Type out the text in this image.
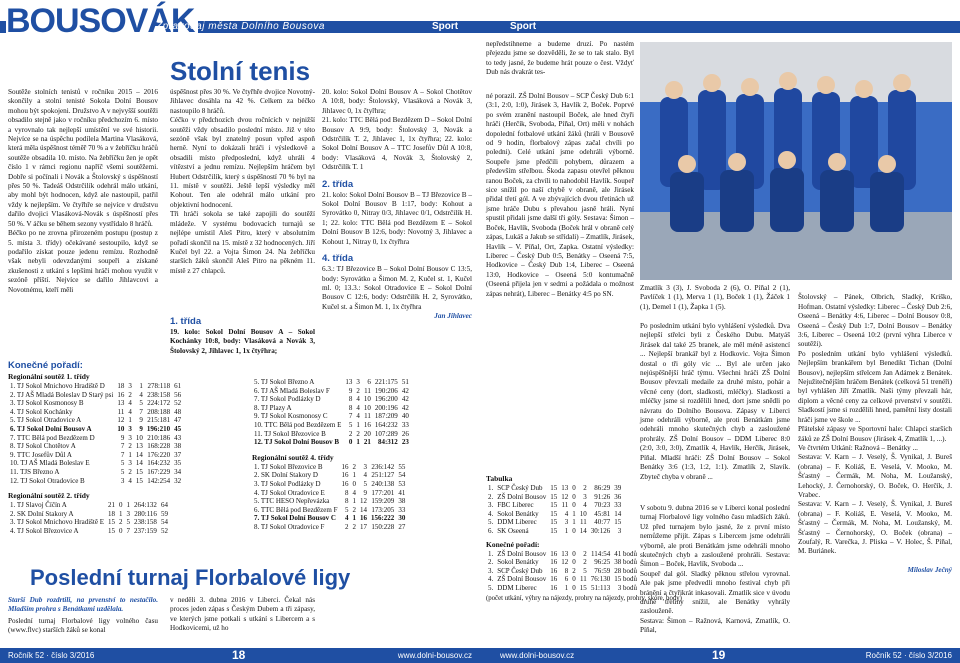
BOUSOVÁK
Zpravodaj města Dolního Bousova	Sport
Stolní tenis
Soutěže stolních tenistů v ročníku 2015 – 2016 skončily a stolní tenisté Sokola Dolní Bousov mohou být spokojeni. Družstvo A v nejvyšší soutěži obsadilo stejně jako v ročníku předchozím 6. místo a vyrovnalo tak nejlepší umístění ve své historii. Nejvíce se na úspěchu podílela Martina Vlasáková, která měla úspěšnost téměř 70 % a v žebříčku hráčů soutěže obsadila 10. místo. Na žebříčku žen je opět číslo 1 v rámci regionu napříč všemi soutěžemi. Dobře si počínali i Novák a Štolovský s úspěšností přes 50 %. Tadeáš Odstrčilík odehrál málo utkání, aby mohl být hodnocen, když ale nastoupil, patřil vždy k nejlepším. Ve čtyřhře se nejvíce v družstvu dařilo dvojici Vlasáková-Novák s úspěšností přes 50 %. V áčku se během sezony vystřídalo 8 hráčů.
Béčko po ne zrovna přirozeném postupu (postup z 5. místa 3. třídy) očekávané sestoupilo, když se podařilo získat pouze jedenu remízu. Rozhodně však nebyli odevzdanými soupeři a získané zkušenosti z utkání s lepšími hráči mohou využít v sezóně příští. Nejvíce se dařilo Jihlavcovi a Novotnému, kteří měli
Konečné pořadí:
úspěšnost přes 30 %. Ve čtyřhře dvojice Novotný-Jihlavec dosáhla na 42 %. Celkem za béčko nastoupilo 8 hráčů.
Céčko v předchozích dvou ročnících v nejnižší soutěži vždy obsadilo poslední místo. Již v této sezóně však byl znatelný posun vpřed aspoň herně. Nyní to dokázali hráči i výsledkově a obsadili místo předposlední, když uhráli 4 vítězství a jednu remízu. Nejlepším hráčem byl Hubert Odstrčilík, který s úspěšností 70 % byl na 11. místě v soutěži. Ještě lepší výsledky měl Kohout. Ten ale odehrál málo utkání pro objektivní hodnocení.
Tři hráči sokola se také zapojili do soutěží mládeže. V systému bodovacích turnajů se nejlépe umístil Aleš Pitro, který v absolutním pořadí skončil na 15. místě z 32 hodnocených. Jiří Kučel byl 22. a Vojta Šimon 24. Na žebříčku starších žáků skončil Aleš Pitro na pěkném 11. místě z 27 chlapců.
1. třída

19. kolo: Sokol Dolní Bousov A – Sokol Kochánky 10:8, body: Vlasáková a Novák 3, Štolovský 2, Jihlavec 1, 1x čtyřhra;

20. kolo: Sokol Dolní Bousov A – Sokol Chotětov A 10:8, body: Štolovský, Vlasáková a Novák 3, Jihlavec 0, 1x čtyřhra;
21. kolo: TTC Bělá pod Bezdězem D – Sokol Dolní Bousov A 9:9, body: Štolovský 3, Novák a Odstrčilík T. 2, Jihlavec 1, 1x čtyřhra; 22. kolo: Sokol Dolní Bousov A – TTC Josefův Důl A 10:8, body: Vlasáková 4, Novák 3, Štolovský 2, Odstrčilík T. 1

2. třída

21. kolo: Sokol Dolní Bousov B – TJ Březovice B – Sokol Dolní Bousov B 1:17, body: Kohout a Syrovátko 0, Nitray 0/3, Jihlavec 0/1, Odstrčilík H. 1; 22. kolo: TTC Bělá pod Bezdězem E – Sokol Dolní Bousov B 12:6, body: Novotný 3, Jihlavec a Kohout 1, Nitray 0, 1x čtyřhra

4. třída

6.3.: TJ Březovice B – Sokol Dolní Bousov C 13:5, body: Syrovátko a Šimon M. 2, Kučel st. 1, Kučel ml. 0; 13.3.: Sokol Otradovice E – Sokol Dolní Bousov C 12:6, body: Odstrčilík H. 2, Syrovátko, Kučel st. a Šimon M. 1, 1x čtyřhra

Jan Jihlavec

Regionální soutěž 1. třídy
1. TJ Sokol Mnichovo Hradiště D	18	3	1	278:118	61
2. TJ AŠ Mladá Boleslav D Starý psi	16	2	4	238:158	56
3. TJ Sokol Kosmonosy B	13	4	5	224:172	52
4. TJ Sokol Kochánky	11	4	7	208:188	48
5. TJ Sokol Otradovice A	12	1	9	215:181	47
6. TJ Sokol Dolní Bousov A	10	3	9	196:210	45
7. TTC Bělá pod Bezdězem D	9	3	10	210:186	43
8. TJ Sokol Chotětov A	7	2	13	168:228	38
9. TTC Josefův Důl A	7	1	14	176:220	37
10. TJ AŠ Mladá Boleslav E	5	3	14	164:232	35
11. TJS Březno A	5	2	15	167:229	34
12. TJ Sokol Otradovice B	3	4	15	142:254	32
Regionální soutěž 2. třídy
1. TJ Slavoj Číčín A	21	0	1	264:132	64
2. SK Dolní Stakory A	18	1	3	280:116	59
3. TJ Sokol Mnichovo Hradiště E	15	2	5	238:158	54
4. TJ Sokol Březovice A	15	0	7	237:159	52
5. TJ Sokol Březno A	13	3	6	221:175	51
6. TJ AŠ Mladá Boleslav F	9	2	11	190:206	42
7. TJ Sokol Podlázky D	8	4	10	196:200	42
8. TJ Plazy A	8	4	10	200:196	42
9. TJ Sokol Kosmonosy C	7	4	11	187:209	40
10. TTC Bělá pod Bezdězem E	5	1	16	164:232	33
11. TJ Sokol Březovice B	2	2	20	107:289	26
12. TJ Sokol Dolní Bousov B	0	1	21	84:312	23
Regionální soutěž 4. třídy
1. TJ Sokol Březovice B	16	2	3	236:142	55
2. SK Dolní Stakory D	16	1	4	251:127	54
3. TJ Sokol Podlázky D	16	0	5	240:138	53
4. TJ Sokol Otradovice E	8	4	9	177:201	41
5. TTC HESO Nepřevázka	8	1	12	159:209	38
6. TTC Bělá pod Bezdězem F	5	2	14	173:205	33
7. TJ Sokol Dolní Bousov C	4	1	16	156:222	30
8. TJ Sokol Otradovice F	2	2	17	150:228	27
Poslední turnaj Florbalové ligy
Starší Dub rozdrtili, na prvenství to nestačilo. Mladším prohra s Benátkami uzdělala.
Poslední turnaj Florbalové ligy volného času (www.flvc) starších žáků se konal
v neděli 3. dubna 2016 v Liberci. Čekal nás proces jeden zápas s Českým Dubem a tři zápasy, ve kterých jsme potkali s utkání s Libercem a s Hodkovicemi, už ho
Ročník 52 · číslo 3/2016	18	www.dolni-bousov.cz
Sport
nepředstihneme a budeme druzí. Po nastém přejezdu jsme se dozvěděli, že se to tak stalo. Byl to tedy jasné, že budeme hrát pouze o čest. Vždyť Dub nás dvakrát tes-
né porazil. ZŠ Dolní Bousov – SCP Český Dub 6:1 (3:1, 2:0, 1:0), Jirásek 3, Havlík 2, Boček. Poprvé po svém zranění nastoupil Boček, ale hned čtyři hráči (Herčík, Svoboda, Píňal, Ort) měli v nohách dopolední fotbalové utkání žáků (hráli v Bousově od 9 hodin, florbalový zápas začal chvíli po poledni). Celé utkání jsme odehráli výborně. Soupeře jsme předčili pohybem, důrazem a především střelbou. Škoda zapasu otevřel pěknou ranou Boček, za chvíli to nahodobil Havlík. Soupeř sice snížil po naší chybě v obraně, ale Jirásek přidal třetí gól. A ve zbývajících dvou třetinách už jsme hráče Dubu s převahou jasně hráli. Nyní spustil přidali jsme další tři góly. Sestava: Šimon – Boček, Havlík, Svoboda (Boček hrál v obraně celý zápas, Lukáš a Jakub se střídali) – Zmatlík, Jirásek, Havlík – V. Píňal, Ort, Zapka. Ostatní výsledky: Liberec – Český Dub 0:5, Benátky – Oseená 7:5, Hodkovice – Český Dub 1:4, Liberec – Oseená 13:0, Hodkovice – Oseená 5:0 kontumačně (Oseená přijela jen v sedmi a požádala o možnost zápas nehrát), Liberec – Benátky 4:5 po SN.
Zmatlík 3 (3), J. Svoboda 2 (6), O. Píňal 2 (1), Pavlíček 1 (1), Merva 1 (1), Boček 1 (1), Žáček 1 (1), Demel 1 (1), Žapka 1 (5).
Po posledním utkání bylo vyhlášení výsledků. Dva nejlepší střelci byli z Českého Dubu. Matyáš Jirásek dal také 25 branek, ale měl méně asistencí ... Nejlepší brankář byl z Hodkovic. Vojta Šimon dostal o tři góly víc ... Byl ale určen jako nejúspěšnější hráč týmu. Všechni hráči ZŠ Dolní Bousov převzali medaile za druhé místo, pohár a věcné ceny (dort, sladkosti, mléčky). Sladkostí a mléčky jsme si rozdělili hned, dort jsme snědli po návratu do Dolního Bousova. Zápasy v Liberci jsme odehráli výborně, ale proti Benátkám jsme odehráli mnoho skutečných chyb a zasloužené prohrály. ZŠ Dolní Bousov – DDM Liberec 8:0 (2:0, 3:0, 3:0), Zmatlík 4, Havlík, Herčík, Jirásek, Píňal. Mladší hráči: ZŠ Dolní Bousov – Sokol Benátky 3:6 (1:3, 1:2, 1:1). Zmatlík 2, Slavík. Zbyteč chyba v obraně ...

Štolovský – Pánek, Olbrich, Sladký, Kriško, Hofman. Ostatní výsledky: Liberec – Český Dub 2:6, Oseená – Benátky 4:6, Liberec – Dolní Bousov 0:8, Oseená – Český Dub 1:7, Dolní Bousov – Benátky 3:6, Liberec – Oseená 10:2 (první výhra Liberce v soutěži).
Po posledním utkání bylo vyhlášení výsledků. Nejlepším brankářem byl Benedikt Tichan (Dolní Bousov), nejlepším střelcem Jan Adámek z Benátek. Nejužitečnějším hráčem Benátek (celková 51 trenéři) byl vyhlášen Jiří Zmatlík. Naši týmy převzali hár, diplom a věcné ceny za celkové prvenství v soutěži. Sladkostí jsme si rozdělili hned, pamětní listy dostali hráči jsme ve škole ...
Přátelské zápasy ve Sportovní hale: Chlapci starších žáků ze ZŠ Dolní Bousov (Jirásek 4, Zmatlík 1, ...).
Ve čtvrtém Utkání: Ražnová – Benátky ...
Sestava: V. Karn – J. Veselý, Š. Vynikal, J. Bureš (obrana) – F. Koliáš, E. Veselá, V. Mooko, M. Šťastný – Čermák, M. Noha, M. Loužanský, Lehocký, J. Černohorský, O. Boček, O. Herčík, J. Vrabec.
Sestava: V. Karn – J. Veselý, Š. Vynikal, J. Bureš (obrana) – F. Koliáš, E. Veselá, V. Mooko, M. Šťastný – Čermák, M. Noha, M. Loužanský, M. Šťastný – Černohorský, O. Boček (obrana) – Zoufalý, R. Varečka, J. Pliska – V. Holec, Š. Píňal, M. Buriánek.

Miloslav Ječný

Tabulka
1.	SCP Český Dub	15	13	0	2	86:29	39
2.	ZŠ Dolní Bousov	15	12	0	3	91:26	36
3.	FBC Liberec	15	11	0	4	70:23	33
4.	Sokol Benátky	15	4	1	10	45:81	14
5.	DDM Liberec	15	3	1	11	40:77	15
6.	SK Oseená	15	1	0	14	30:126	3
Konečné pořadí:
1.	ZŠ Dolní Bousov	16	13	0	2	114:54	41 bodů
2.	Sokol Benátky	16	12	0	2	96:25	38 bodů
3.	SCP Český Dub	16	8	2	5	76:59	28 bodů
4.	ZŠ Dolní Bousov	16	6	0	11	76:130	15 bodů
5.	DDM Liberec	16	1	0	15	51:113	3 bodů
(počet utkání, výhry na nájezdy, prohry na nájezdy, prohry, skóre, body)
V sobotu 9. dubna 2016 se v Liberci konal poslední turnaj Florbalové ligy volného času mladších žáků. Už před turnajem bylo jasné, že z první místo nemůžeme přijít. Zápas s Libercem jsme odehráli výborně, ale proti Benátkám jsme odehráli mnoho skutečných chyb a zasloužené prohráli. Sestava: Šimon – Boček, Havlík, Svoboda ...
Soupeř dal gól. Sladký pěknou střelou vyrovnal. Ale pak jsme předvedli mnoho festival chyb při bránění a čtyřikrát inkasovali. Zmatlík sice v úvodu druhé třetiny snížil, ale Benátky vyhrály zaslouženě.
Sestava: Šimon – Ražnová, Karnová, Zmatlík, O. Píňal,
www.dolni-bousov.cz	19	Ročník 52 · číslo 3/2016
